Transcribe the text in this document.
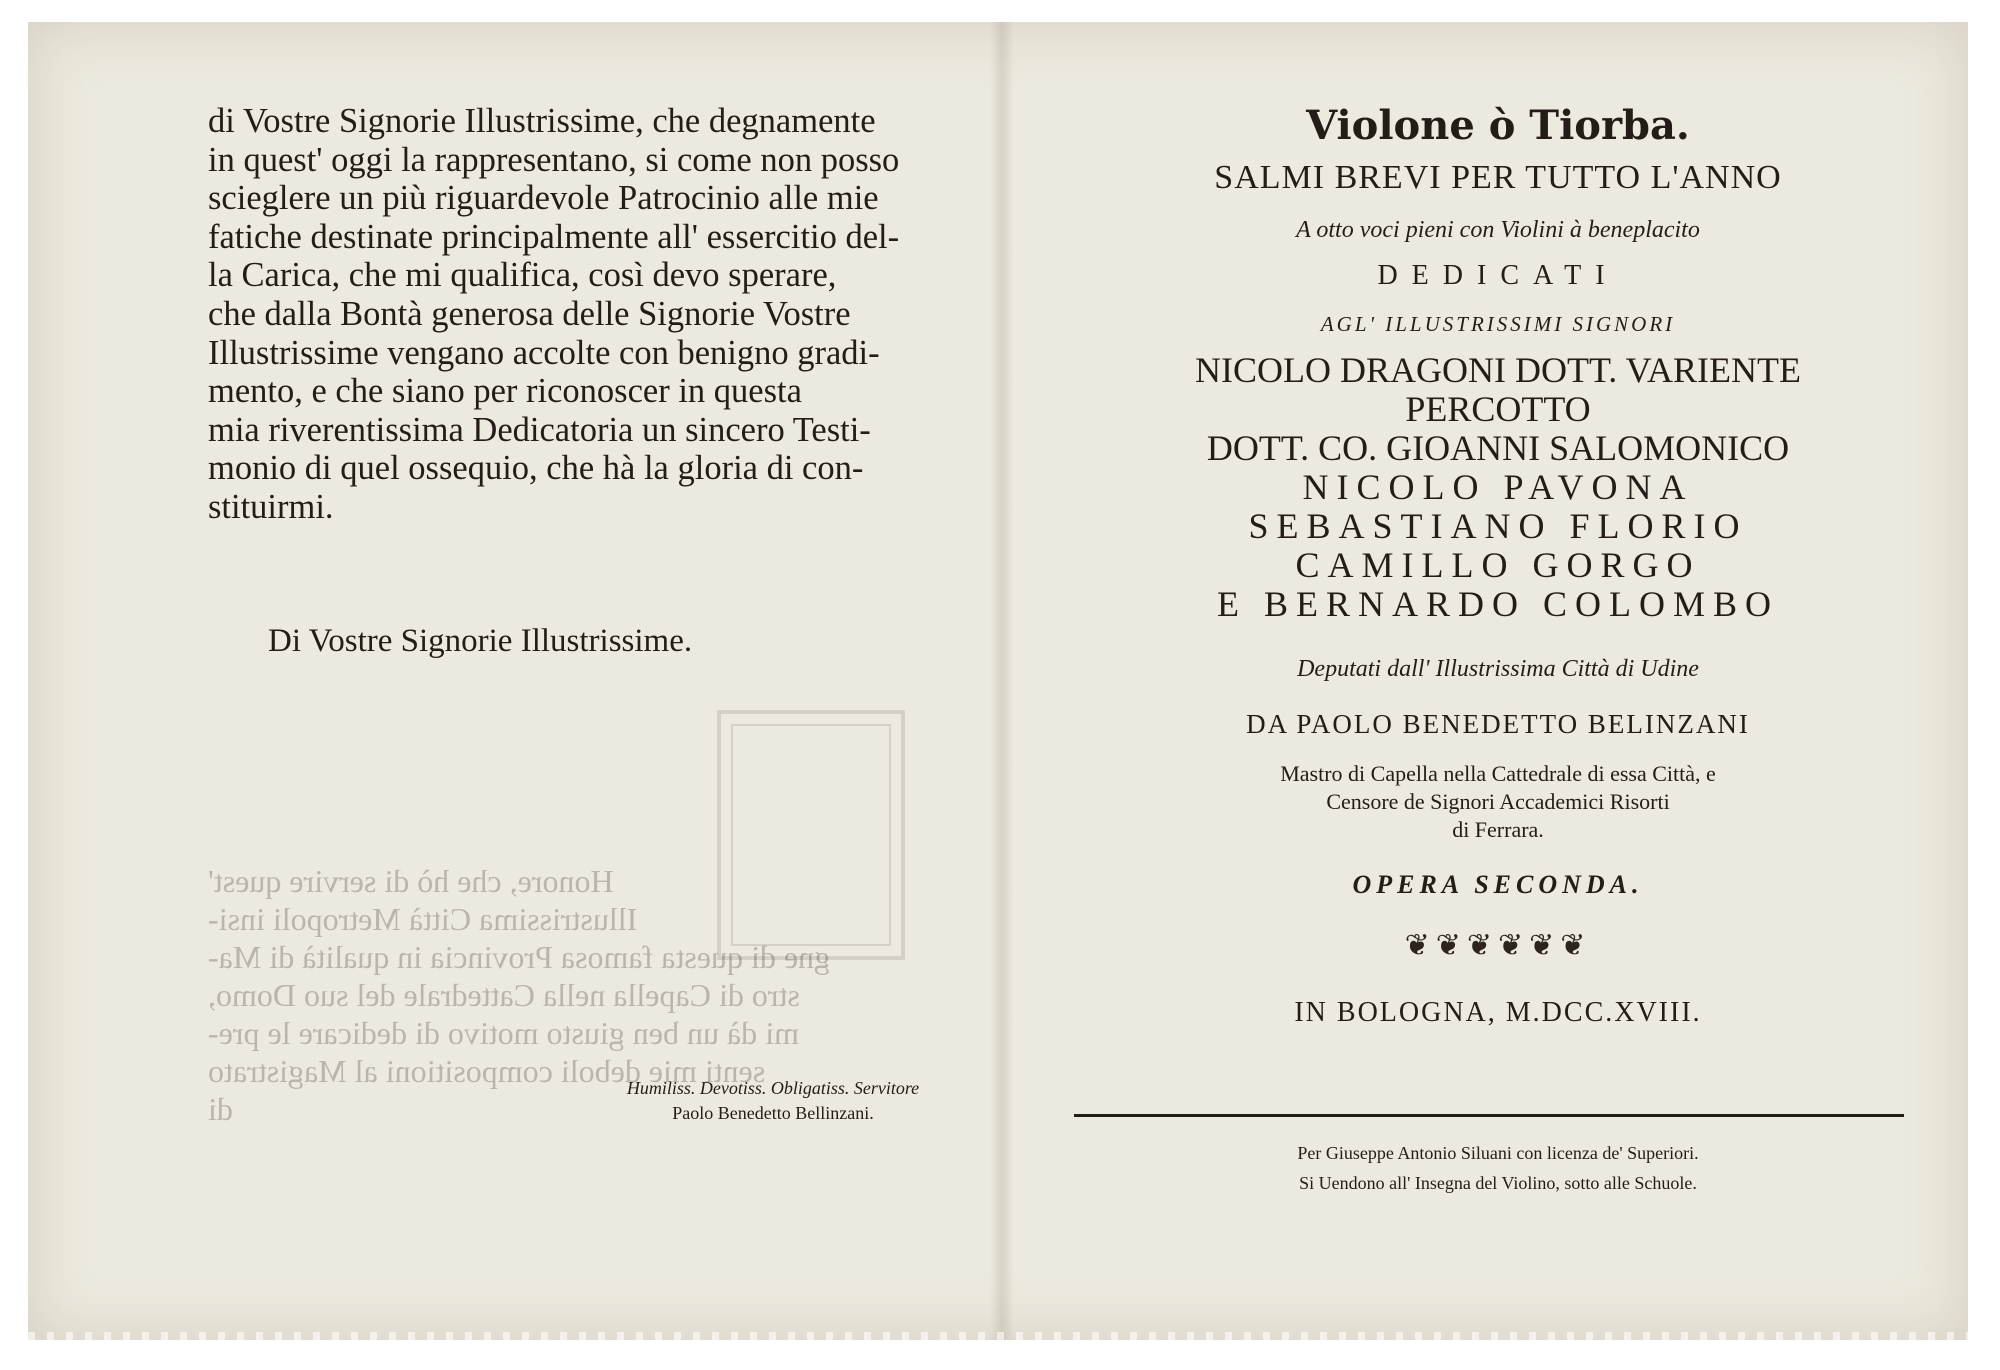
Honore, che hò di servire quest'
Illustrissima Città Metropoli insi-
gne di questa famosa Provincia in qualità di Ma-
stro di Capella nella Cattedrale del suo Domo,
mi dà un ben giusto motivo di dedicare le pre-
senti mie deboli compositioni al Magistrato
di
di Vostre Signorie Illustrissime, che degnamente
in quest' oggi la rappresentano, si come non posso
scieglere un più riguardevole Patrocinio alle mie
fatiche destinate principalmente all' essercitio del-
la Carica, che mi qualifica, così devo sperare,
che dalla Bontà generosa delle Signorie Vostre
Illustrissime vengano accolte con benigno gradi-
mento, e che siano per riconoscer in questa
mia riverentissima Dedicatoria un sincero Testi-
monio di quel ossequio, che hà la gloria di con-
stituirmi.
Di Vostre Signorie Illustrissime.
Humiliss. Devotiss. Obligatiss. Servitore
Paolo Benedetto Bellinzani.
Violone ò Tiorba.
SALMI BREVI PER TUTTO L'ANNO
A otto voci pieni con Violini à beneplacito
DEDICATI
AGL' ILLUSTRISSIMI SIGNORI
NICOLO DRAGONI DOTT. VARIENTE
PERCOTTO
DOTT. CO. GIOANNI SALOMONICO
NICOLO PAVONA
SEBASTIANO FLORIO
CAMILLO GORGO
E BERNARDO COLOMBO
Deputati dall' Illustrissima Città di Udine
DA PAOLO BENEDETTO BELINZANI
Mastro di Capella nella Cattedrale di essa Città, e
Censore de Signori Accademici Risorti
di Ferrara.
OPERA SECONDA.
❦❦❦❦❦❦
IN BOLOGNA, M.DCC.XVIII.
Per Giuseppe Antonio Siluani con licenza de' Superiori.
Si Uendono all' Insegna del Violino, sotto alle Schuole.
